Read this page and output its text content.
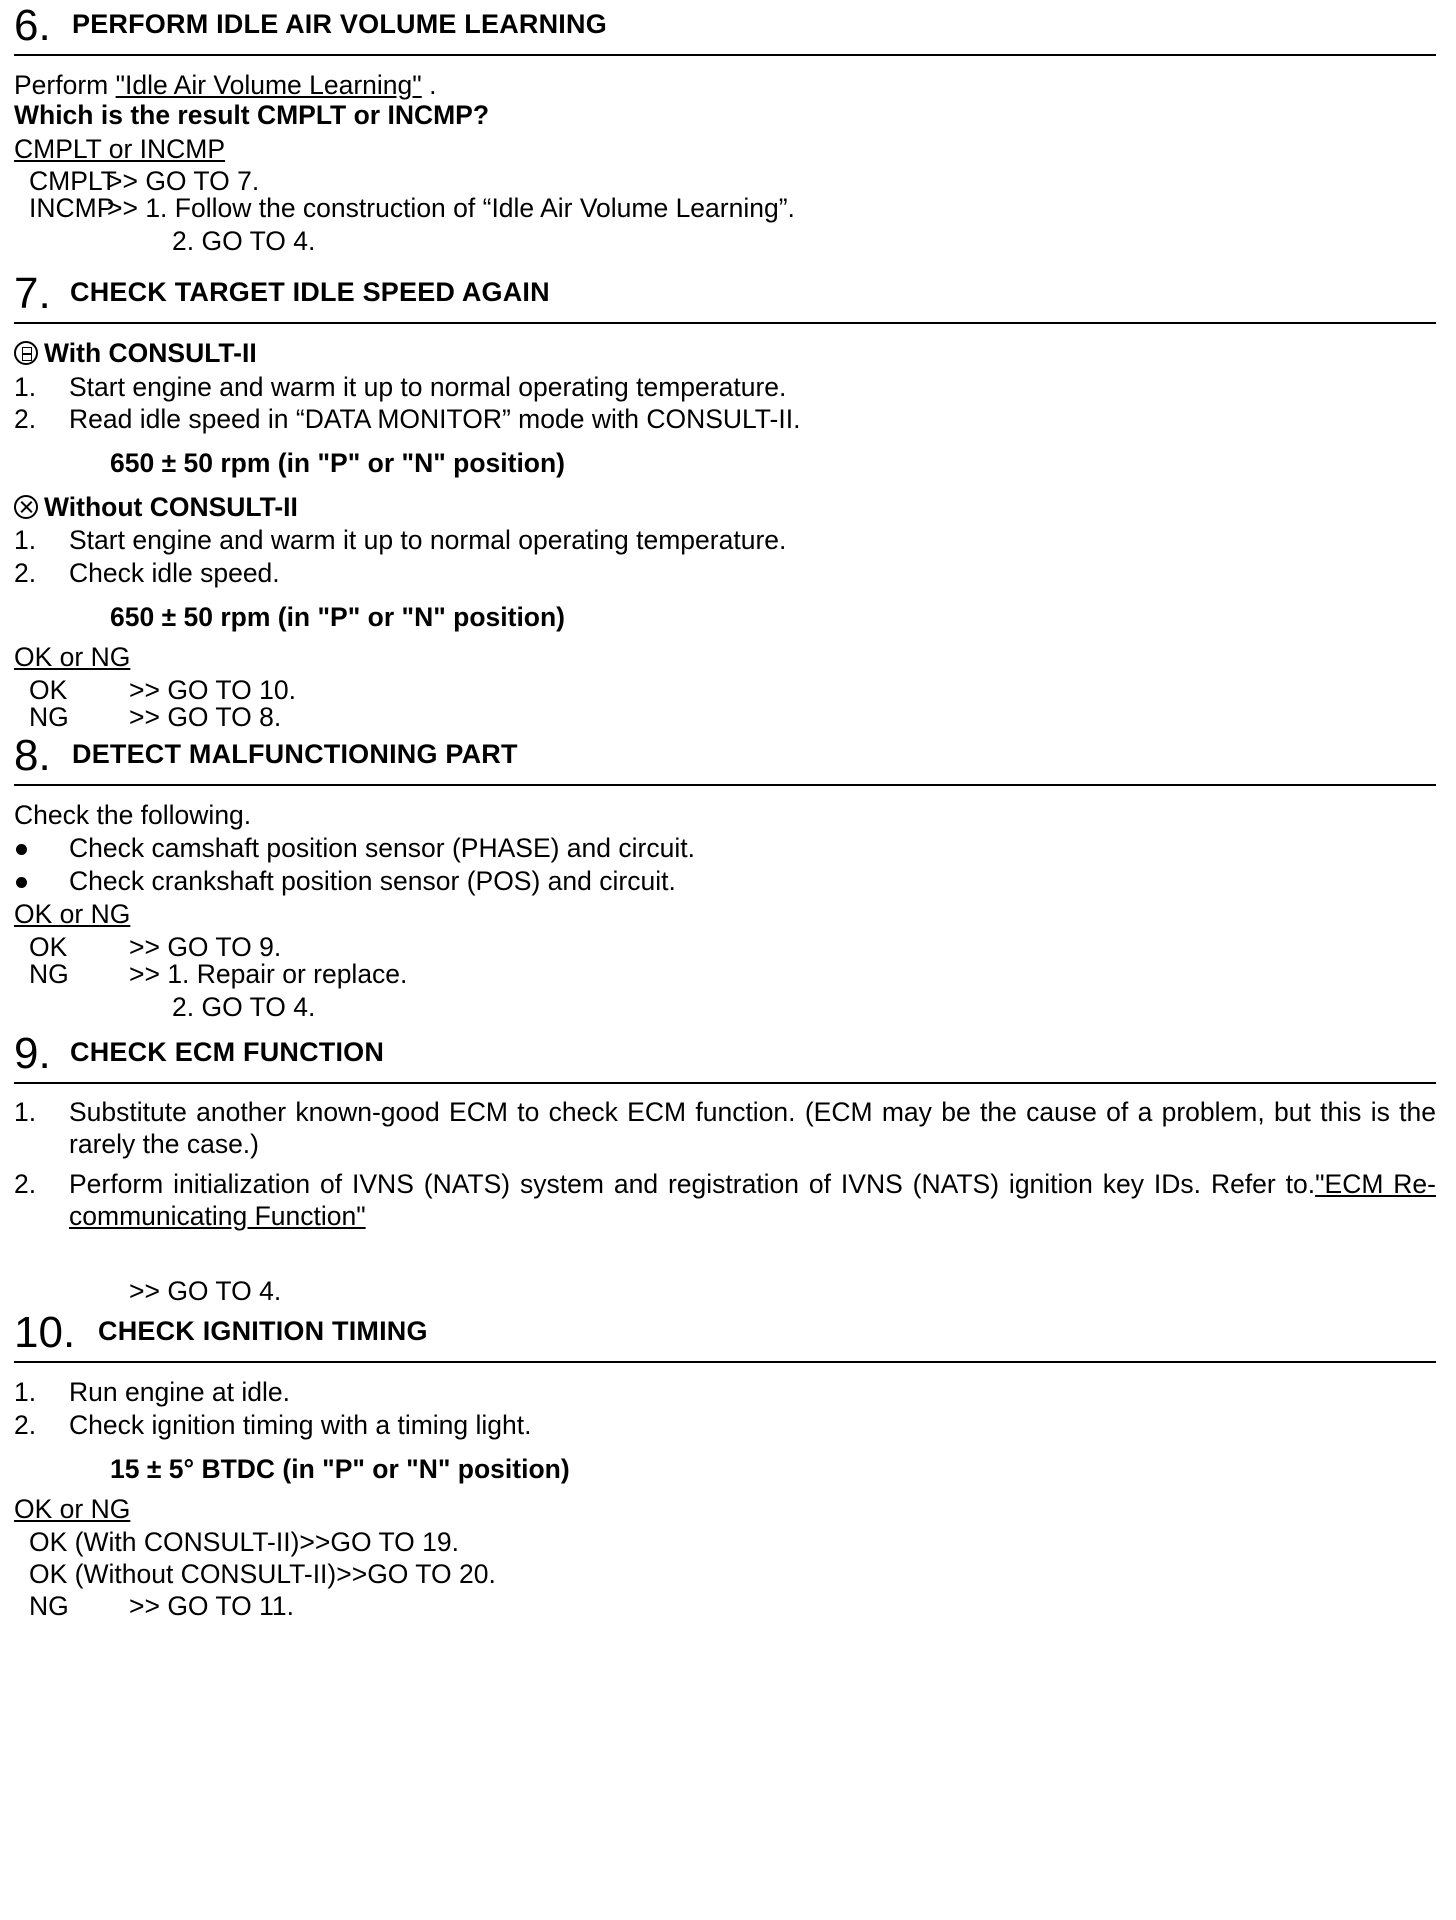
6. PERFORM IDLE AIR VOLUME LEARNING
Perform "Idle Air Volume Learning" .
Which is the result CMPLT or INCMP?
CMPLT or INCMP
CMPLT
>> GO TO 7.
INCMP
>> 1. Follow the construction of “Idle Air Volume Learning”.
2. GO TO 4.
7. CHECK TARGET IDLE SPEED AGAIN
With CONSULT-II
1. Start engine and warm it up to normal operating temperature.
2. Read idle speed in “DATA MONITOR” mode with CONSULT-II.
650 ± 50 rpm (in "P" or "N" position)
Without CONSULT-II
1. Start engine and warm it up to normal operating temperature.
2. Check idle speed.
650 ± 50 rpm (in "P" or "N" position)
OK or NG
OK >> GO TO 10.
NG >> GO TO 8.
8. DETECT MALFUNCTIONING PART
Check the following.
Check camshaft position sensor (PHASE) and circuit.
Check crankshaft position sensor (POS) and circuit.
OK or NG
OK >> GO TO 9.
NG >> 1. Repair or replace.
2. GO TO 4.
9. CHECK ECM FUNCTION
1. Substitute another known-good ECM to check ECM function. (ECM may be the cause of a problem, but this is the rarely the case.)
2. Perform initialization of IVNS (NATS) system and registration of IVNS (NATS) ignition key IDs. Refer to."ECM Re-communicating Function"
>> GO TO 4.
10. CHECK IGNITION TIMING
1. Run engine at idle.
2. Check ignition timing with a timing light.
15 ± 5° BTDC (in "P" or "N" position)
OK or NG
OK (With CONSULT-II)>>GO TO 19.
OK (Without CONSULT-II)>>GO TO 20.
NG >> GO TO 11.
